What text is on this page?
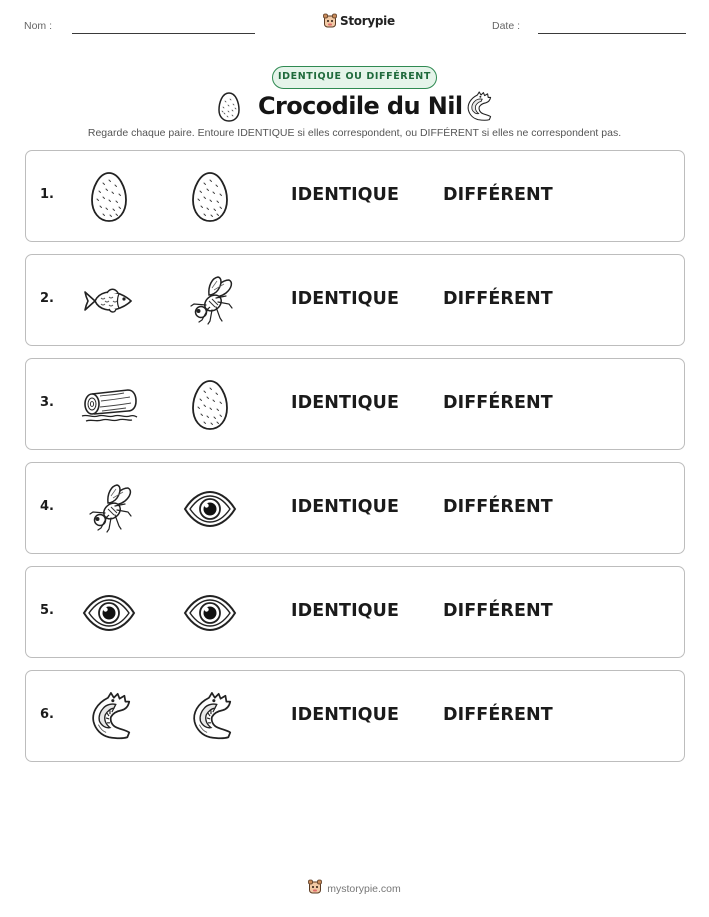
Nom :	Storypie	Date :
IDENTIQUE OU DIFFÉRENT
Crocodile du Nil
Regarde chaque paire. Entoure IDENTIQUE si elles correspondent, ou DIFFÉRENT si elles ne correspondent pas.
1.	IDENTIQUE	DIFFÉRENT
2.	IDENTIQUE	DIFFÉRENT
3.	IDENTIQUE	DIFFÉRENT
4.	IDENTIQUE	DIFFÉRENT
5.	IDENTIQUE	DIFFÉRENT
6.	IDENTIQUE	DIFFÉRENT
mystorypie.com
